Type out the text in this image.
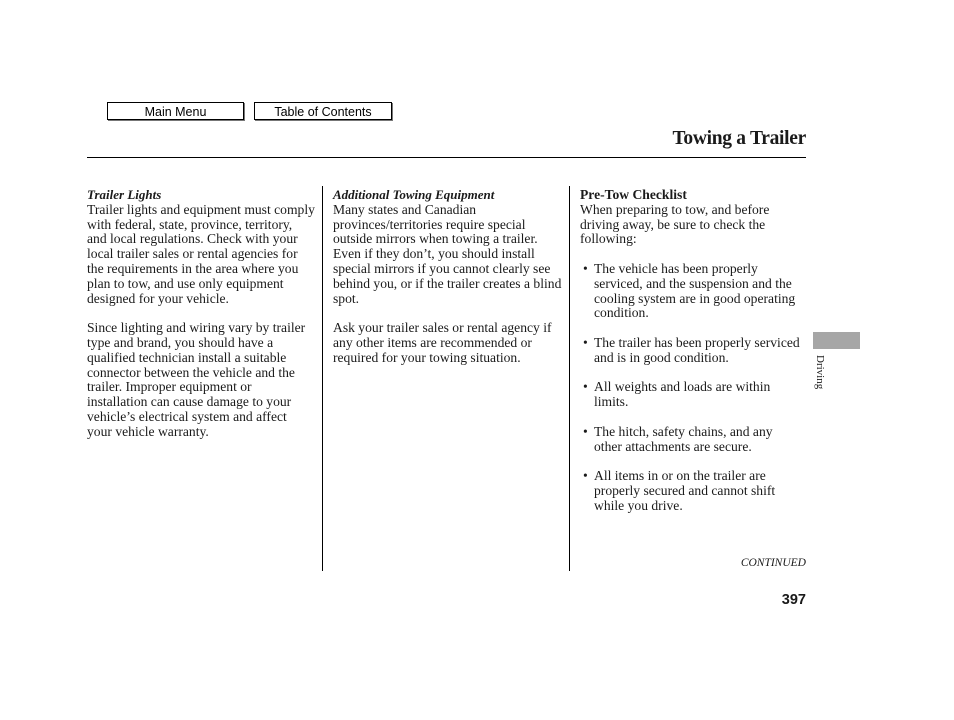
Main Menu	Table of Contents
Towing a Trailer

Trailer Lights

Trailer lights and equipment must comply with federal, state, province, territory, and local regulations. Check with your local trailer sales or rental agencies for the requirements in the area where you plan to tow, and use only equipment designed for your vehicle.

Since lighting and wiring vary by trailer type and brand, you should have a qualified technician install a suitable connector between the vehicle and the trailer. Improper equipment or installation can cause damage to your vehicle’s electrical system and affect your vehicle warranty.

Additional Towing Equipment

Many states and Canadian provinces/territories require special outside mirrors when towing a trailer. Even if they don’t, you should install special mirrors if you cannot clearly see behind you, or if the trailer creates a blind spot.

Ask your trailer sales or rental agency if any other items are recommended or required for your towing situation.

Pre-Tow Checklist

When preparing to tow, and before driving away, be sure to check the following:

• The vehicle has been properly serviced, and the suspension and the cooling system are in good operating condition.
• The trailer has been properly serviced and is in good condition.
• All weights and loads are within limits.
• The hitch, safety chains, and any other attachments are secure.
• All items in or on the trailer are properly secured and cannot shift while you drive.
Driving
CONTINUED
397
